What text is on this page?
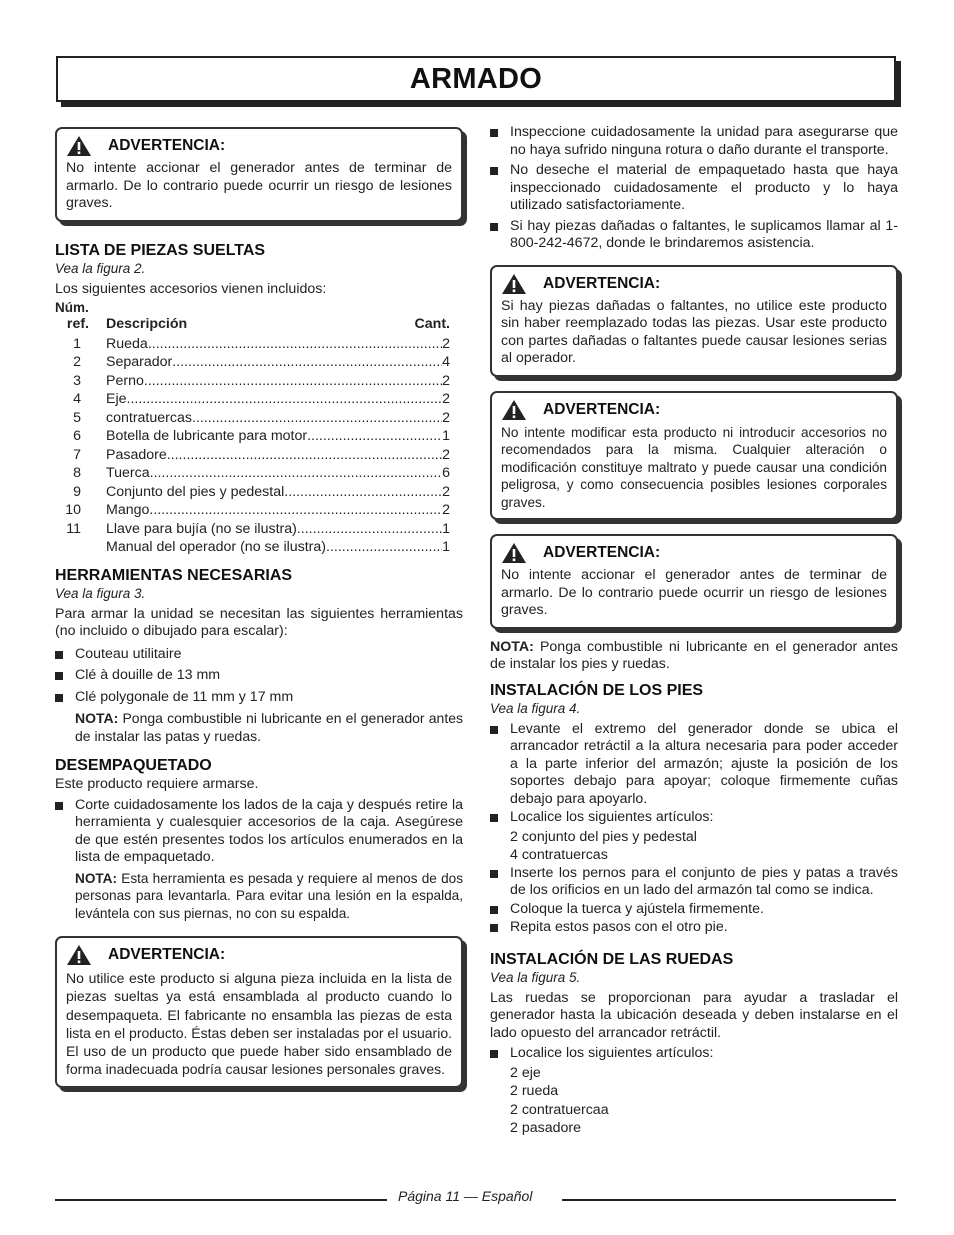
ARMADO
ADVERTENCIA:

No intente accionar el generador antes de terminar de armarlo. De lo contrario puede ocurrir un riesgo de lesiones graves.

LISTA DE PIEZAS SUELTAS
Vea la figura 2.

Los siguientes accesorios vienen incluidos:

Núm.
ref. Descripción	Cant.
1 Rueda .....	2
2 Separador .....	4
3 Perno .....	2
4 Eje .....	2
5 contratuercas .....	2
6 Botella de lubricante para motor .....	1
7 Pasadore .....	2
8 Tuerca .....	6
9 Conjunto del pies y pedestal .....	2
10 Mango .....	2
11 Llave para bujía (no se ilustra) .....	1
Manual del operador (no se ilustra) .....	1
HERRAMIENTAS NECESARIAS
Vea la figura 3.

Para armar la unidad se necesitan las siguientes herramientas (no incluido o dibujado para escalar):

Couteau utilitaire
Clé à douille de 13 mm
Clé polygonale de 11 mm y 17 mm

NOTA: Ponga combustible ni lubricante en el generador antes de instalar las patas y ruedas.

DESEMPAQUETADO

Este producto requiere armarse.

Corte cuidadosamente los lados de la caja y después retire la herramienta y cualesquier accesorios de la caja. Asegúrese de que estén presentes todos los artículos enumerados en la lista de empaquetado.

NOTA: Esta herramienta es pesada y requiere al menos de dos personas para levantarla. Para evitar una lesión en la espalda, levántela con sus piernas, no con su espalda.

ADVERTENCIA:

No utilice este producto si alguna pieza incluida en la lista de piezas sueltas ya está ensamblada al producto cuando lo desempaqueta. El fabricante no ensambla las piezas de esta lista en el producto. Éstas deben ser instaladas por el usuario. El uso de un producto que puede haber sido ensamblado de forma inadecuada podría causar lesiones personales graves.

Inspeccione cuidadosamente la unidad para asegurarse que no haya sufrido ninguna rotura o daño durante el transporte.
No deseche el material de empaquetado hasta que haya inspeccionado cuidadosamente el producto y lo haya utilizado satisfactoriamente.
Si hay piezas dañadas o faltantes, le suplicamos llamar al 1-800-242-4672, donde le brindaremos asistencia.
ADVERTENCIA:

Si hay piezas dañadas o faltantes, no utilice este producto sin haber reemplazado todas las piezas. Usar este producto con partes dañadas o faltantes puede causar lesiones serias al operador.

ADVERTENCIA:

No intente modificar esta producto ni introducir accesorios no recomendados para la misma. Cualquier alteración o modificación constituye maltrato y puede causar una condición peligrosa, y como consecuencia posibles lesiones corporales graves.

ADVERTENCIA:

No intente accionar el generador antes de terminar de armarlo. De lo contrario puede ocurrir un riesgo de lesiones graves.

NOTA: Ponga combustible ni lubricante en el generador antes de instalar los pies y ruedas.

INSTALACIÓN DE LOS PIES
Vea la figura 4.
Levante el extremo del generador donde se ubica el arrancador retráctil a la altura necesaria para poder acceder a la parte inferior del armazón; ajuste la posición de los soportes debajo para apoyar; coloque firmemente cuñas debajo para apoyarlo.
Localice los siguientes artículos:
2 conjunto del pies y pedestal
4 contratuercas
Inserte los pernos para el conjunto de pies y patas a través de los orificios en un lado del armazón tal como se indica.
Coloque la tuerca y ajústela firmemente.
Repita estos pasos con el otro pie.
INSTALACIÓN DE LAS RUEDAS
Vea la figura 5.

Las ruedas se proporcionan para ayudar a trasladar el generador hasta la ubicación deseada y deben instalarse en el lado opuesto del arrancador retráctil.

Localice los siguientes artículos:
2 eje
2 rueda
2 contratuercaa
2 pasadore
Página 11 — Español
